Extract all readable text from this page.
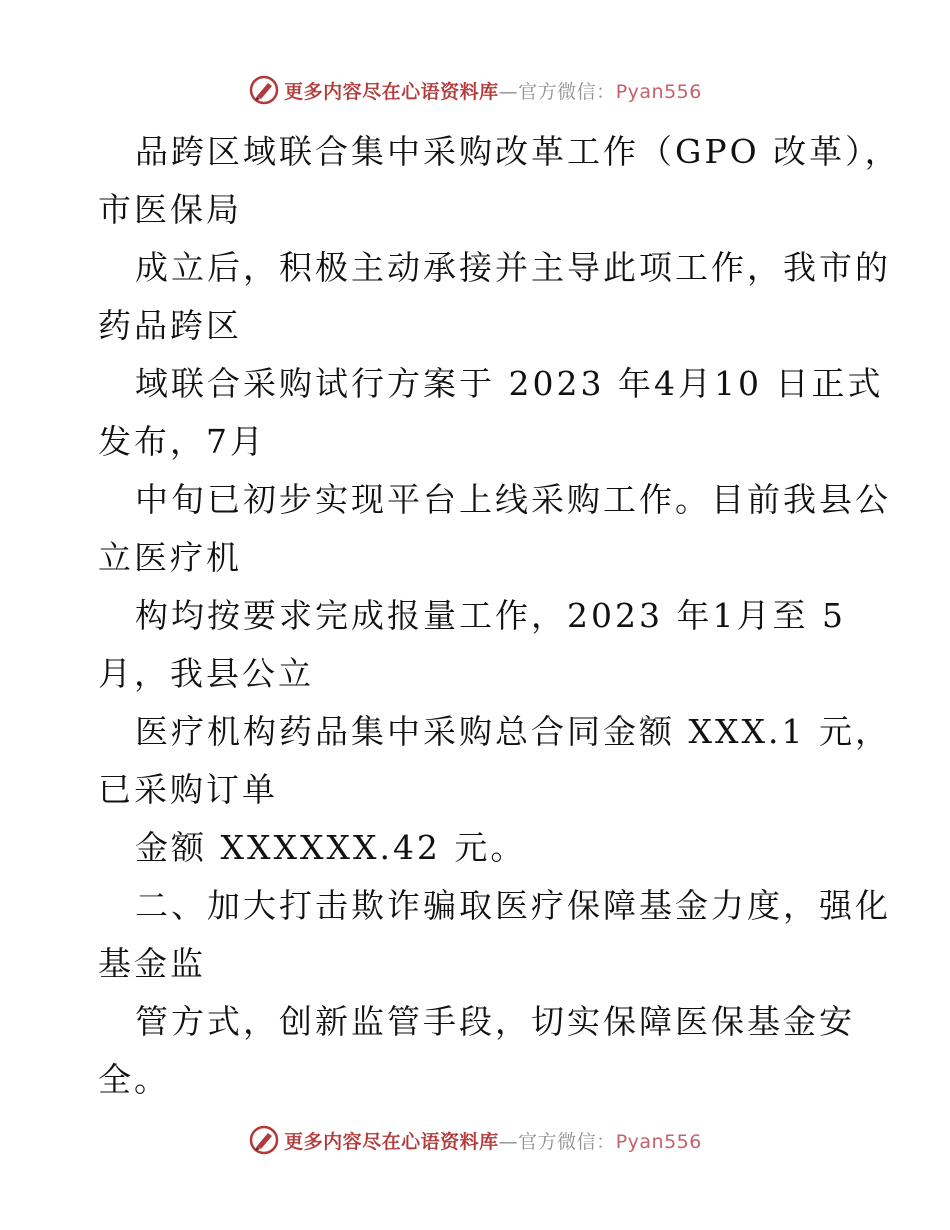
更多内容尽在心语资料库—官方微信：Pyan556
品跨区域联合集中采购改革工作（GPO 改革），
市医保局
成立后，积极主动承接并主导此项工作，我市的
药品跨区
域联合采购试行方案于 2023 年4月10 日正式
发布，7月
中旬已初步实现平台上线采购工作。目前我县公
立医疗机
构均按要求完成报量工作，2023 年1月至 5
月，我县公立
医疗机构药品集中采购总合同金额 XXX.1 元，
已采购订单
金额 XXXXXX.42 元。
二、加大打击欺诈骗取医疗保障基金力度，强化
基金监
管方式，创新监管手段，切实保障医保基金安
全。
更多内容尽在心语资料库—官方微信：Pyan556
